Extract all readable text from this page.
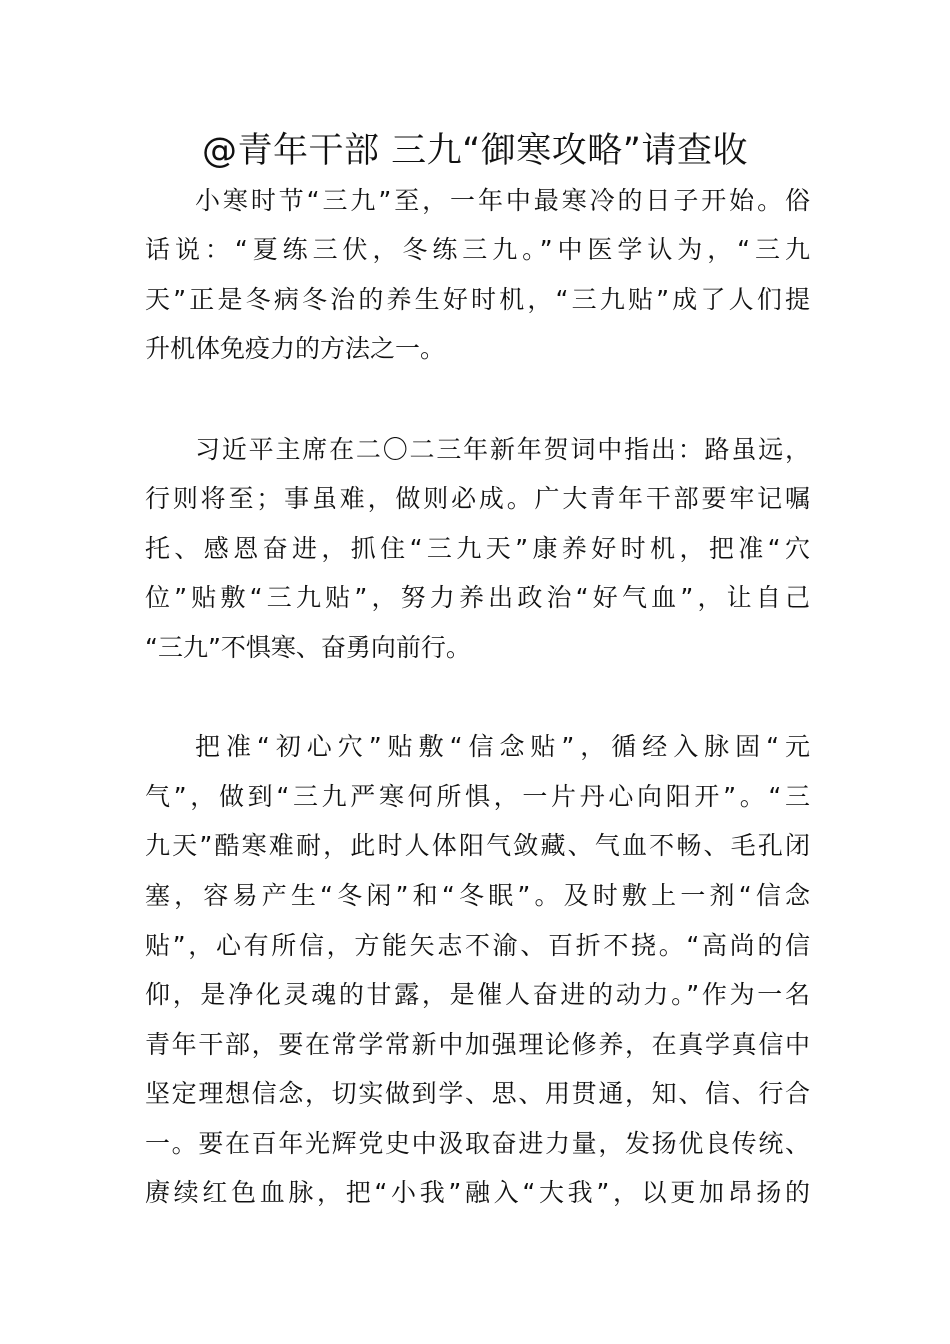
@青年干部 三九“御寒攻略”请查收
小寒时节“三九”至，一年中最寒冷的日子开始。俗
话说：“夏练三伏，冬练三九。”中医学认为，“三九
天”正是冬病冬治的养生好时机，“三九贴”成了人们提
升机体免疫力的方法之一。
习近平主席在二〇二三年新年贺词中指出：路虽远，
行则将至；事虽难，做则必成。广大青年干部要牢记嘱
托、感恩奋进，抓住“三九天”康养好时机，把准“穴
位”贴敷“三九贴”，努力养出政治“好气血”，让自己
“三九”不惧寒、奋勇向前行。
把准“初心穴”贴敷“信念贴”，循经入脉固“元
气”，做到“三九严寒何所惧，一片丹心向阳开”。“三
九天”酷寒难耐，此时人体阳气敛藏、气血不畅、毛孔闭
塞，容易产生“冬闲”和“冬眠”。及时敷上一剂“信念
贴”，心有所信，方能矢志不渝、百折不挠。“高尚的信
仰，是净化灵魂的甘露，是催人奋进的动力。”作为一名
青年干部，要在常学常新中加强理论修养，在真学真信中
坚定理想信念，切实做到学、思、用贯通，知、信、行合
一。要在百年光辉党史中汲取奋进力量，发扬优良传统、
赓续红色血脉，把“小我”融入“大我”，以更加昂扬的
